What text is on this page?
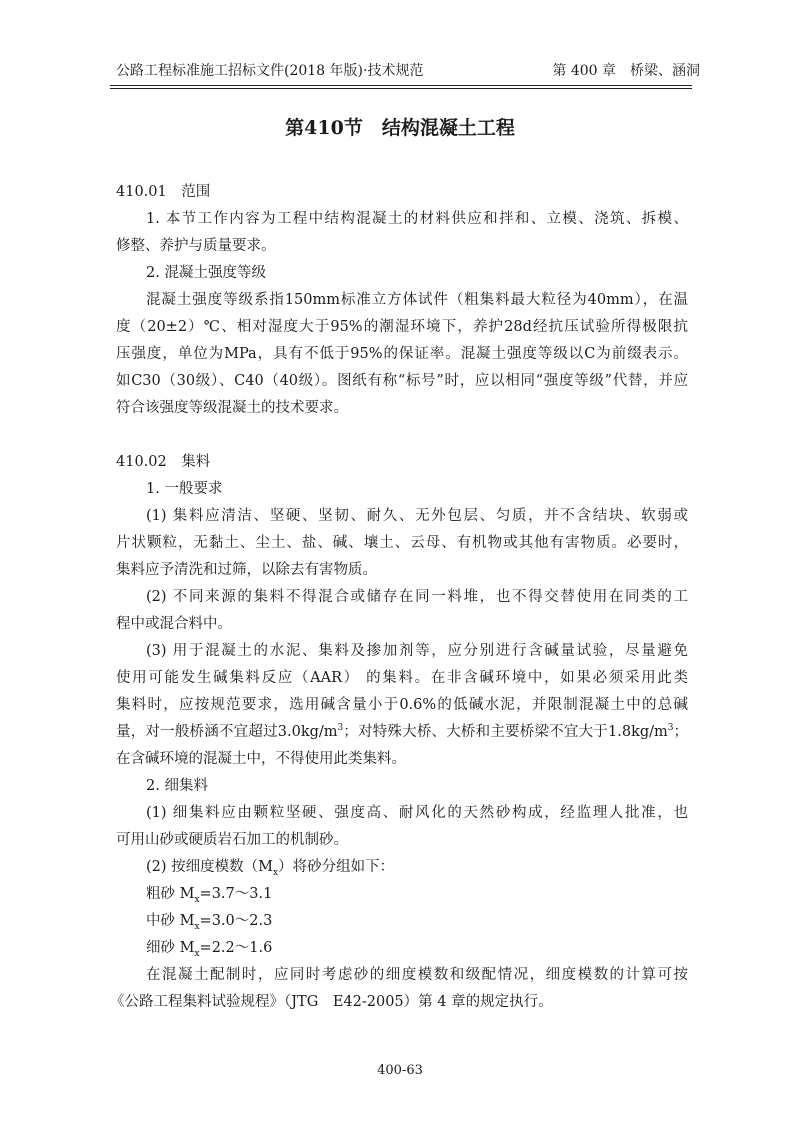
公路工程标准施工招标文件(2018 年版)·技术规范	第 400 章　桥梁、涵洞
第410节　结构混凝土工程
410.01　范围
1. 本节工作内容为工程中结构混凝土的材料供应和拌和、立模、浇筑、拆模、
修整、养护与质量要求。
2. 混凝土强度等级
混凝土强度等级系指150mm标准立方体试件（粗集料最大粒径为40mm），在温
度（20±2）℃、相对湿度大于95%的潮湿环境下，养护28d经抗压试验所得极限抗
压强度，单位为MPa，具有不低于95%的保证率。混凝土强度等级以C为前缀表示。
如C30（30级）、C40（40级）。图纸有称“标号”时，应以相同“强度等级”代替，并应
符合该强度等级混凝土的技术要求。
410.02　集料
1. 一般要求
(1) 集料应清洁、坚硬、坚韧、耐久、无外包层、匀质，并不含结块、软弱或
片状颗粒，无黏土、尘土、盐、碱、壤土、云母、有机物或其他有害物质。必要时，
集料应予清洗和过筛，以除去有害物质。
(2) 不同来源的集料不得混合或储存在同一料堆，也不得交替使用在同类的工
程中或混合料中。
(3) 用于混凝土的水泥、集料及掺加剂等，应分别进行含碱量试验，尽量避免
使用可能发生碱集料反应（AAR） 的集料。在非含碱环境中，如果必须采用此类
集料时，应按规范要求，选用碱含量小于0.6%的低碱水泥，并限制混凝土中的总碱
量，对一般桥涵不宜超过$3.0kg/m^3$；对特殊大桥、大桥和主要桥梁不宜大于$1.8kg/m^3$；
在含碱环境的混凝土中，不得使用此类集料。
2. 细集料
(1) 细集料应由颗粒坚硬、强度高、耐风化的天然砂构成，经监理人批准，也
可用山砂或硬质岩石加工的机制砂。
(2) 按细度模数$(M_x)$将砂分组如下：
粗砂 $M_x=3.7\sim 3.1$
中砂 $M_x=3.0\sim 2.3$
细砂 $M_x=2.2\sim 1.6$
在混凝土配制时，应同时考虑砂的细度模数和级配情况，细度模数的计算可按
《公路工程集料试验规程》（JTG　E42-2005）第 4 章的规定执行。
400-63
